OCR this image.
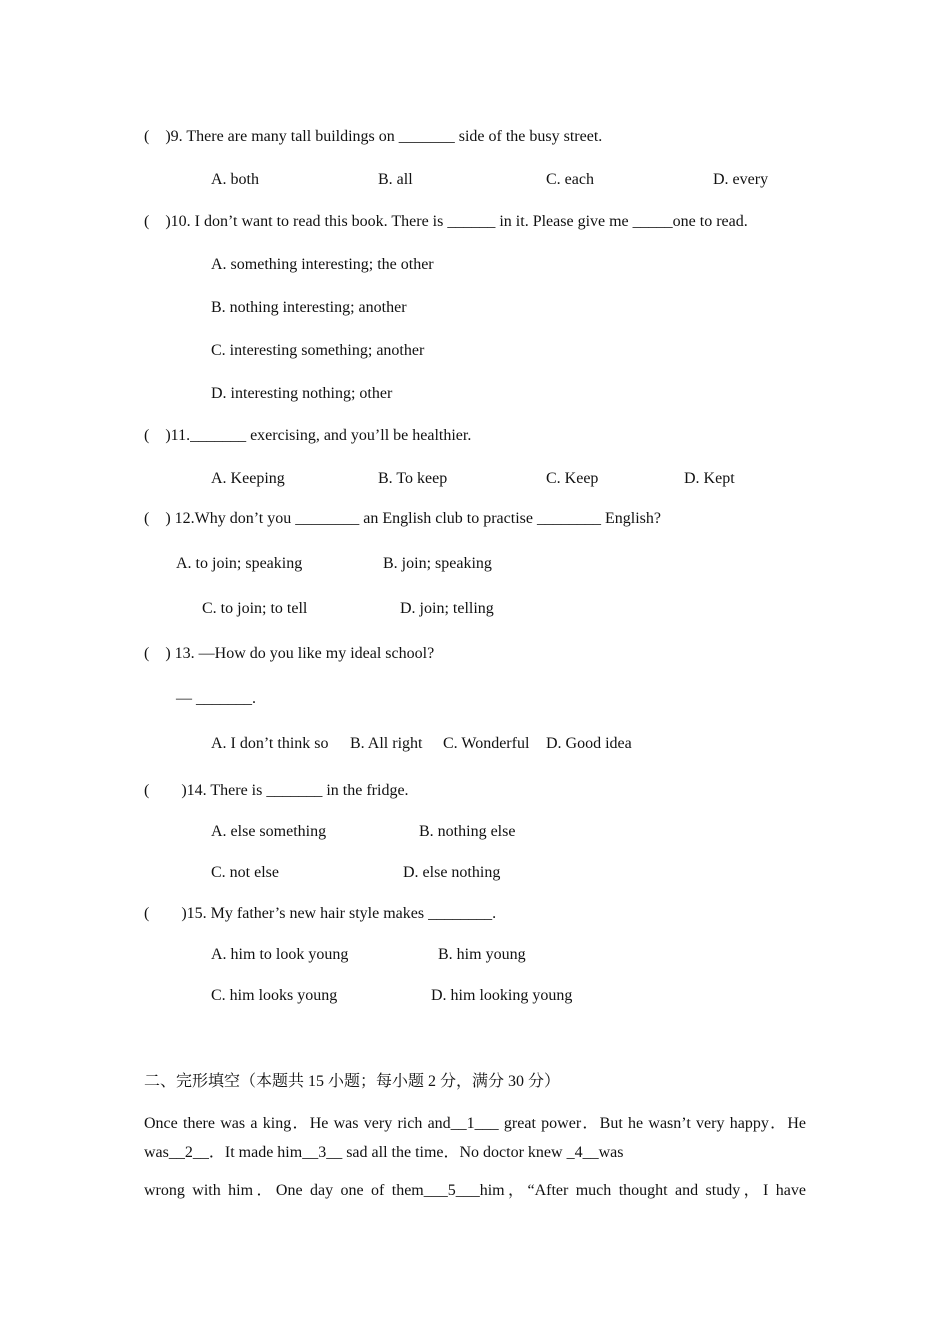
(    )9. There are many tall buildings on _______ side of the busy street.
A. both	B. all	C. each	D. every
(    )10. I don’t want to read this book. There is ______ in it. Please give me _____one to read.
A. something interesting; the other
B. nothing interesting; another
C. interesting something; another
D. interesting nothing; other
(    )11._______ exercising, and you’ll be healthier.
A. Keeping	B. To keep	C. Keep	D. Kept
(    ) 12.Why don’t you ________ an English club to practise ________ English?
A. to join; speaking	B. join; speaking
C. to join; to tell	D. join; telling
(    ) 13. —How do you like my ideal school?
— _______.
A. I don’t think so B. All right C. Wonderful D. Good idea
(        )14. There is _______ in the fridge.
A. else something	B. nothing else
C. not else	D. else nothing
(        )15. My father’s new hair style makes ________.
A. him to look young	B. him young
C. him looks young	D. him looking young
二、完形填空（本题共 15 小题；每小题 2 分，满分 30 分）
Once there was a king．He was very rich and__1___ great power．But he wasn’t very happy．He was__2__．It made him__3__ sad all the time．No doctor knew _4__was
wrong with him．One day one of them___5___him，“After much thought and study，I have
